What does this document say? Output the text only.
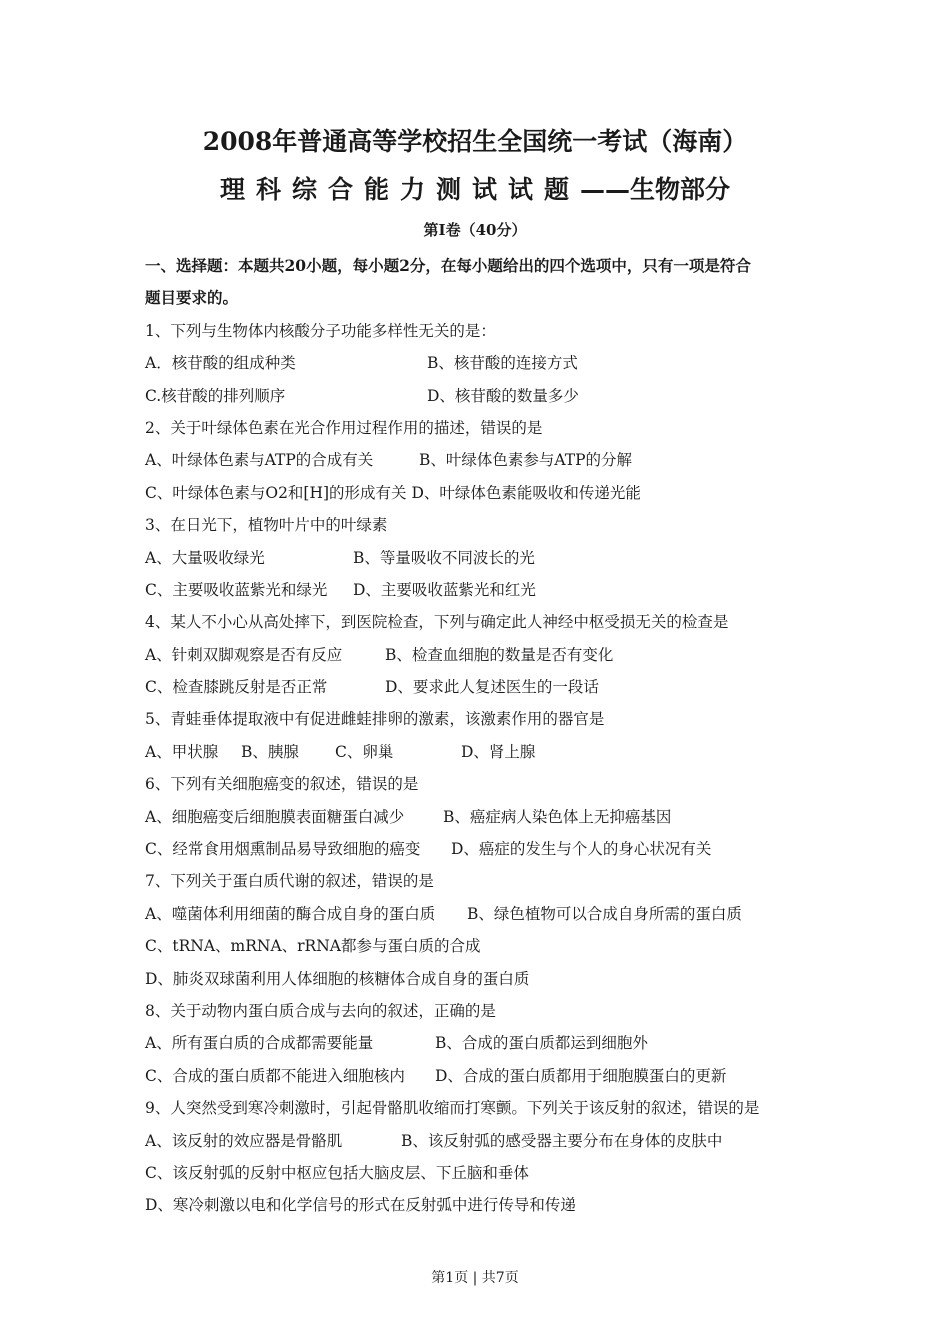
2008年普通高等学校招生全国统一考试（海南）
理科综合能力测试试题——生物部分
第I卷（40分）
一、选择题：本题共20小题，每小题2分，在每小题给出的四个选项中，只有一项是符合
题目要求的。
1、下列与生物体内核酸分子功能多样性无关的是：
A．核苷酸的组成种类	B、核苷酸的连接方式
C.核苷酸的排列顺序	D、核苷酸的数量多少
2、关于叶绿体色素在光合作用过程作用的描述，错误的是
A、叶绿体色素与ATP的合成有关	B、叶绿体色素参与ATP的分解
C、叶绿体色素与O2和[H]的形成有关 D、叶绿体色素能吸收和传递光能
3、在日光下，植物叶片中的叶绿素
A、大量吸收绿光	B、等量吸收不同波长的光
C、主要吸收蓝紫光和绿光 D、主要吸收蓝紫光和红光
4、某人不小心从高处摔下，到医院检查，下列与确定此人神经中枢受损无关的检查是
A、针刺双脚观察是否有反应	B、检查血细胞的数量是否有变化
C、检查膝跳反射是否正常	D、要求此人复述医生的一段话
5、青蛙垂体提取液中有促进雌蛙排卵的激素，该激素作用的器官是
A、甲状腺 B、胰腺 C、卵巢	D、肾上腺
6、下列有关细胞癌变的叙述，错误的是
A、细胞癌变后细胞膜表面糖蛋白减少	B、癌症病人染色体上无抑癌基因
C、经常食用烟熏制品易导致细胞的癌变 D、癌症的发生与个人的身心状况有关
7、下列关于蛋白质代谢的叙述，错误的是
A、噬菌体利用细菌的酶合成自身的蛋白质 B、绿色植物可以合成自身所需的蛋白质
C、tRNA、mRNA、rRNA都参与蛋白质的合成
D、肺炎双球菌利用人体细胞的核糖体合成自身的蛋白质
8、关于动物内蛋白质合成与去向的叙述，正确的是
A、所有蛋白质的合成都需要能量	B、合成的蛋白质都运到细胞外
C、合成的蛋白质都不能进入细胞核内 D、合成的蛋白质都用于细胞膜蛋白的更新
9、人突然受到寒冷刺激时，引起骨骼肌收缩而打寒颤。下列关于该反射的叙述，错误的是
A、该反射的效应器是骨骼肌	B、该反射弧的感受器主要分布在身体的皮肤中
C、该反射弧的反射中枢应包括大脑皮层、下丘脑和垂体
D、寒冷刺激以电和化学信号的形式在反射弧中进行传导和传递
第1页 | 共7页
